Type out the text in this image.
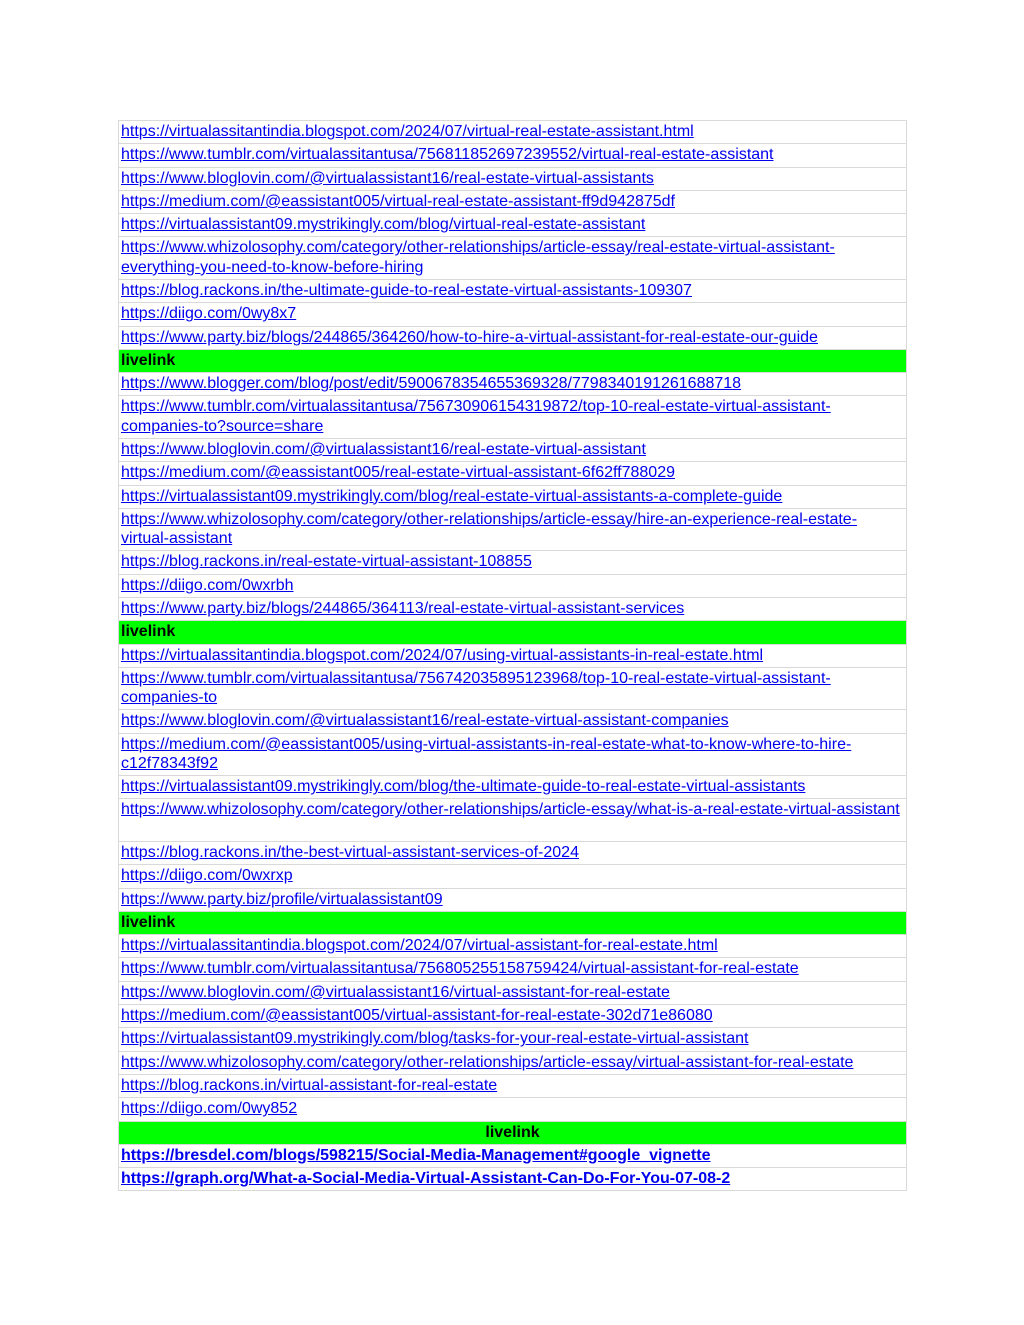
https://virtualassitantindia.blogspot.com/2024/07/virtual-real-estate-assistant.html
https://www.tumblr.com/virtualassitantusa/756811852697239552/virtual-real-estate-assistant
https://www.bloglovin.com/@virtualassistant16/real-estate-virtual-assistants
https://medium.com/@eassistant005/virtual-real-estate-assistant-ff9d942875df
https://virtualassistant09.mystrikingly.com/blog/virtual-real-estate-assistant
https://www.whizolosophy.com/category/other-relationships/article-essay/real-estate-virtual-assistant-everything-you-need-to-know-before-hiring
https://blog.rackons.in/the-ultimate-guide-to-real-estate-virtual-assistants-109307
https://diigo.com/0wy8x7
https://www.party.biz/blogs/244865/364260/how-to-hire-a-virtual-assistant-for-real-estate-our-guide
livelink
https://www.blogger.com/blog/post/edit/5900678354655369328/779834019126168871​8
https://www.tumblr.com/virtualassitantusa/756730906154319872/top-10-real-estate-virtual-assistant-companies-to?source=share
https://www.bloglovin.com/@virtualassistant16/real-estate-virtual-assistant
https://medium.com/@eassistant005/real-estate-virtual-assistant-6f62ff788029
https://virtualassistant09.mystrikingly.com/blog/real-estate-virtual-assistants-a-complete-guide
https://www.whizolosophy.com/category/other-relationships/article-essay/hire-an-experience-real-estate-virtual-assistant
https://blog.rackons.in/real-estate-virtual-assistant-108855
https://diigo.com/0wxrbh
https://www.party.biz/blogs/244865/364113/real-estate-virtual-assistant-services
livelink
https://virtualassitantindia.blogspot.com/2024/07/using-virtual-assistants-in-real-estate.html
https://www.tumblr.com/virtualassitantusa/756742035895123968/top-10-real-estate-virtual-assistant-companies-to
https://www.bloglovin.com/@virtualassistant16/real-estate-virtual-assistant-companies
https://medium.com/@eassistant005/using-virtual-assistants-in-real-estate-what-to-know-where-to-hire-c12f78343f92
https://virtualassistant09.mystrikingly.com/blog/the-ultimate-guide-to-real-estate-virtual-assistants
https://www.whizolosophy.com/category/other-relationships/article-essay/what-is-a-real-estate-virtual-assistant
https://blog.rackons.in/the-best-virtual-assistant-services-of-2024
https://diigo.com/0wxrxp
https://www.party.biz/profile/virtualassistant09
livelink
https://virtualassitantindia.blogspot.com/2024/07/virtual-assistant-for-real-estate.html
https://www.tumblr.com/virtualassitantusa/756805255158759424/virtual-assistant-for-real-estate
https://www.bloglovin.com/@virtualassistant16/virtual-assistant-for-real-estate
https://medium.com/@eassistant005/virtual-assistant-for-real-estate-302d71e86080
https://virtualassistant09.mystrikingly.com/blog/tasks-for-your-real-estate-virtual-assistant
https://www.whizolosophy.com/category/other-relationships/article-essay/virtual-assistant-for-real-estate
https://blog.rackons.in/virtual-assistant-for-real-estate
https://diigo.com/0wy852
livelink
https://bresdel.com/blogs/598215/Social-Media-Management#google_vignette
https://graph.org/What-a-Social-Media-Virtual-Assistant-Can-Do-For-You-07-08-2
